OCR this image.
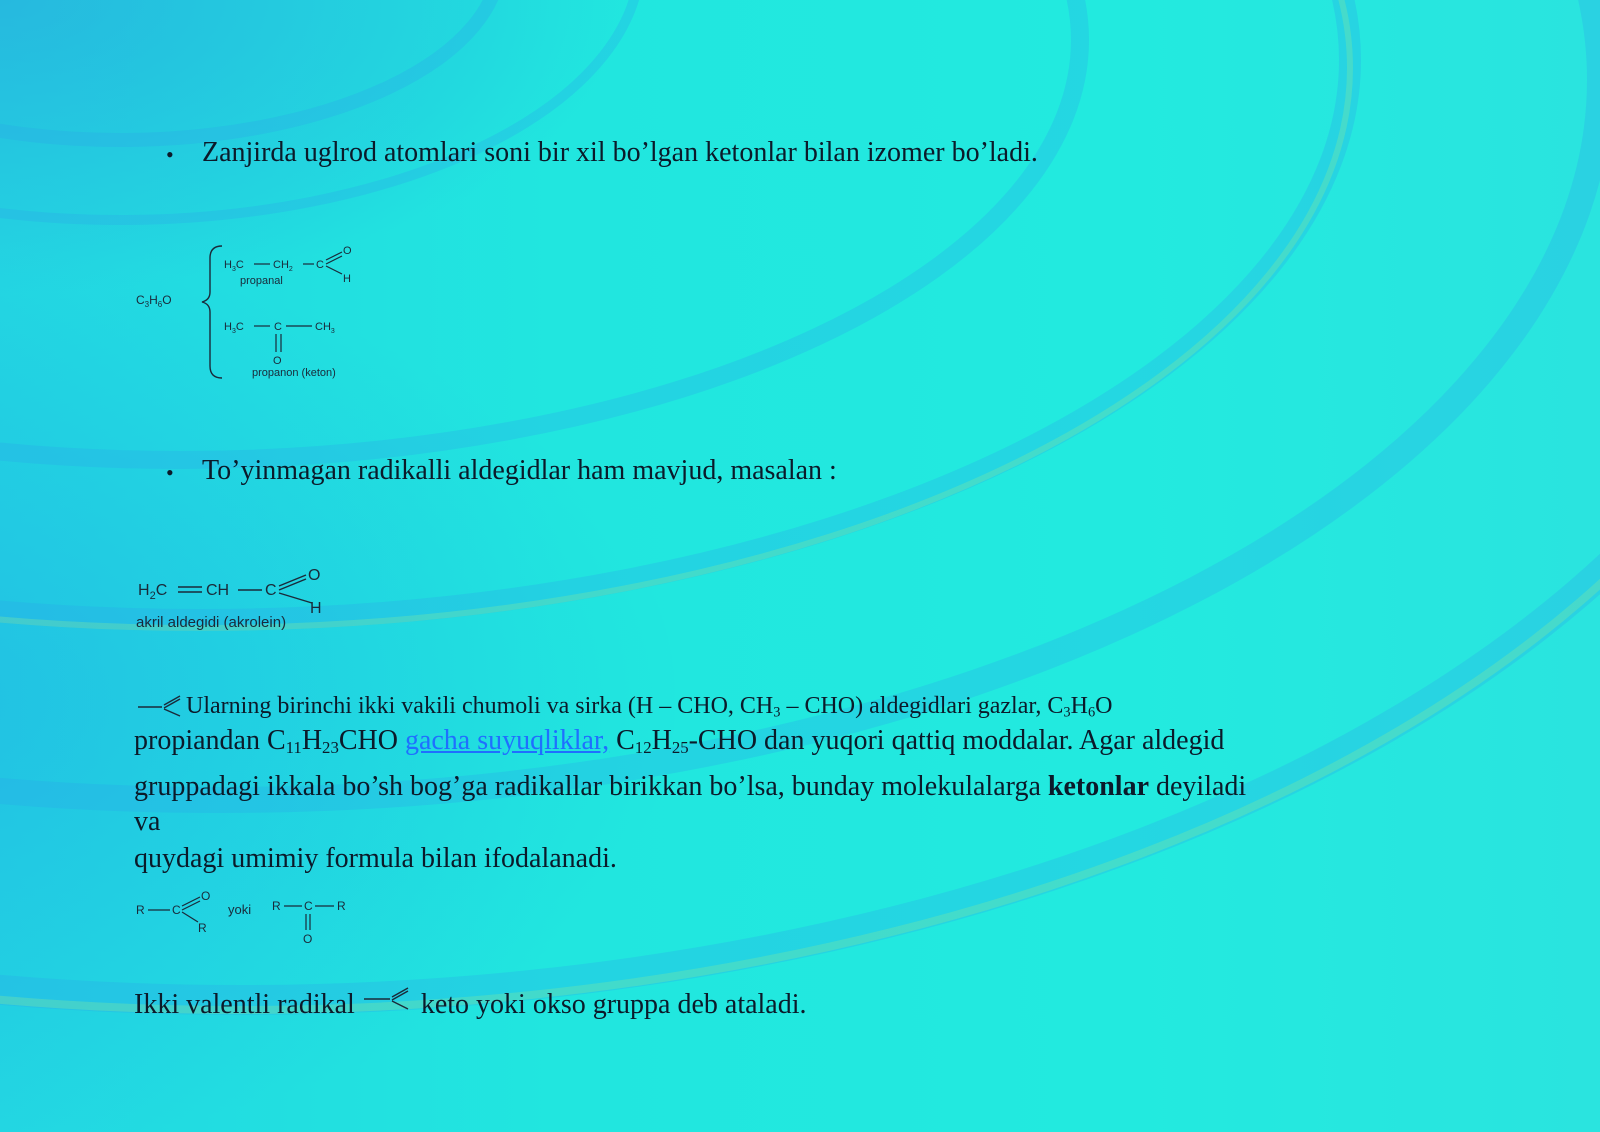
• Zanjirda uglrod atomlari soni bir xil bo’lgan ketonlar bilan izomer bo’ladi.
$C_3H_6O$
$H_3C$	$CH_2$ C
O
H
propanal
$H_3C$	C	$CH_3$
O
propanon (keton)
• To’yinmagan radikalli aldegidlar ham mavjud, masalan :
$H_2C$ CH C
O
H
akril aldegidi (akrolein)
Ularning birinchi ikki vakili chumoli va sirka (H – CHO, $CH_3 - CHO$) aldegidlari gazlar, $C_3H_6O$
propiandan $C_{11}H_{23}CHO$ gacha suyuqliklar, $C_{12}H_{25}$-CHO dan yuqori qattiq moddalar. Agar aldegid
gruppadagi ikkala bo’sh bog’ga radikallar birikkan bo’lsa, bunday molekulalarga ketonlar deyiladi
va
quydagi umimiy formula bilan ifodalanadi.
R C
O
R
yoki R C R
O
Ikki valentli radikal keto yoki okso gruppa deb ataladi.
